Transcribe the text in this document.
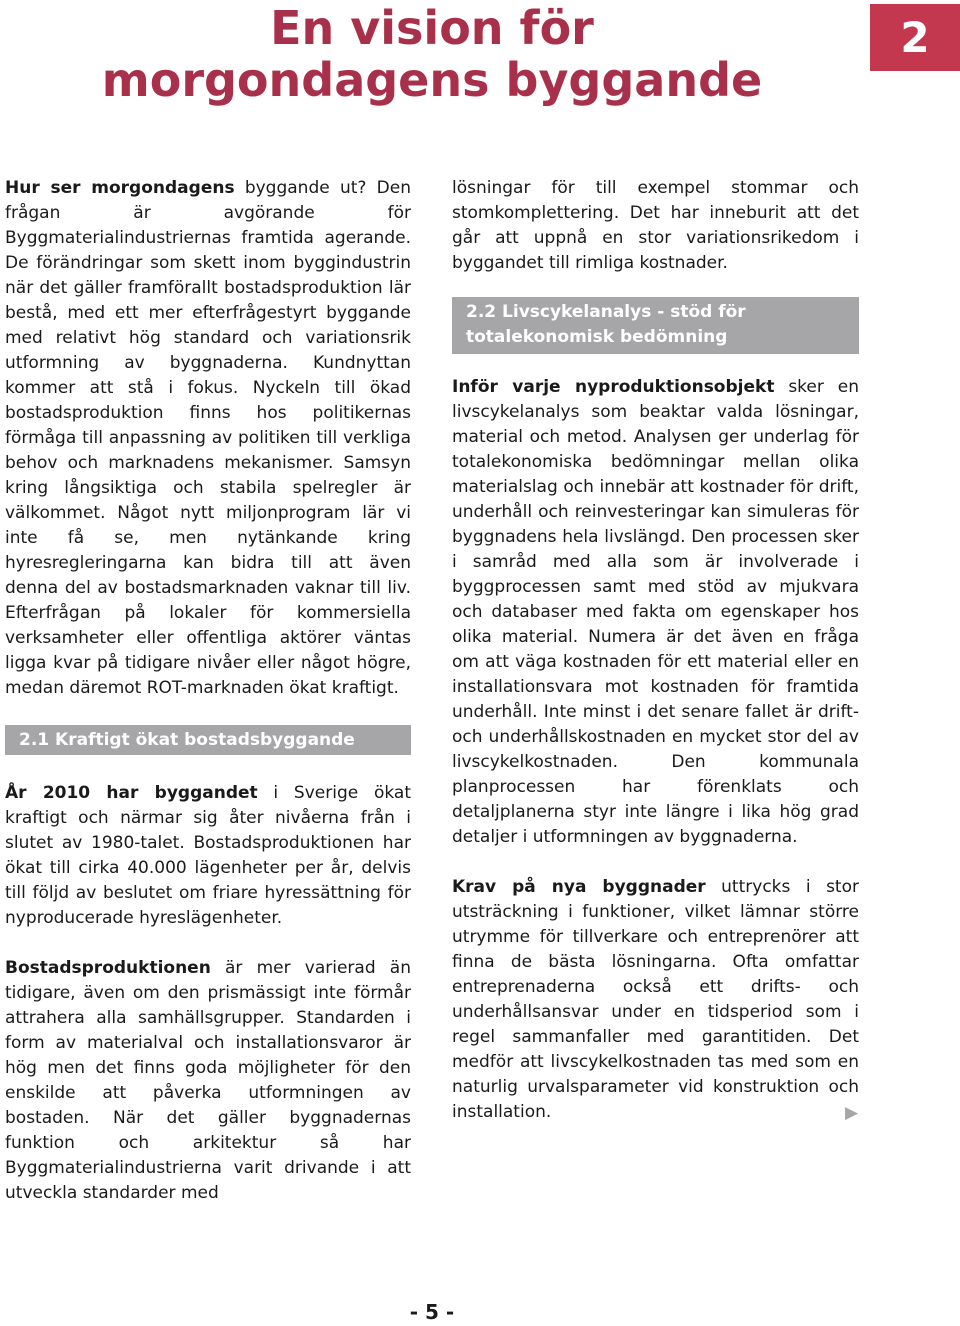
En vision för
morgondagens byggande
2

Hur ser morgondagens byggande ut? Den frågan är avgörande för Byggmaterialindustriernas framtida agerande. De förändringar som skett inom byggindustrin när det gäller framförallt bostadsproduktion lär bestå, med ett mer efterfrågestyrt byggande med relativt hög standard och variationsrik utformning av byggnaderna. Kundnyttan kommer att stå i fokus. Nyckeln till ökad bostadsproduktion finns hos politikernas förmåga till anpassning av politiken till verkliga behov och marknadens mekanismer. Samsyn kring långsiktiga och stabila spelregler är välkommet. Något nytt miljonprogram lär vi inte få se, men nytänkande kring hyresregleringarna kan bidra till att även denna del av bostadsmarknaden vaknar till liv. Efterfrågan på lokaler för kommersiella verksamheter eller offentliga aktörer väntas ligga kvar på tidigare nivåer eller något högre, medan däremot ROT-marknaden ökat kraftigt.

2.1 Kraftigt ökat bostadsbyggande

År 2010 har byggandet i Sverige ökat kraftigt och närmar sig åter nivåerna från i slutet av 1980-talet. Bostadsproduktionen har ökat till cirka 40.000 lägenheter per år, delvis till följd av beslutet om friare hyressättning för nyproducerade hyreslägenheter.

Bostadsproduktionen är mer varierad än tidigare, även om den prismässigt inte förmår attrahera alla samhällsgrupper. Standarden i form av materialval och installationsvaror är hög men det finns goda möjligheter för den enskilde att påverka utformningen av bostaden. När det gäller byggnadernas funktion och arkitektur så har Byggmaterialindustrierna varit drivande i att utveckla standarder med

lösningar för till exempel stommar och stomkomplettering. Det har inneburit att det går att uppnå en stor variationsrikedom i byggandet till rimliga kostnader.

2.2 Livscykelanalys - stöd för
totalekonomisk bedömning

Inför varje nyproduktionsobjekt sker en livscykelanalys som beaktar valda lösningar, material och metod. Analysen ger underlag för totalekonomiska bedömningar mellan olika materialslag och innebär att kostnader för drift, underhåll och reinvesteringar kan simuleras för byggnadens hela livslängd. Den processen sker i samråd med alla som är involverade i byggprocessen samt med stöd av mjukvara och databaser med fakta om egenskaper hos olika material. Numera är det även en fråga om att väga kostnaden för ett material eller en installationsvara mot kostnaden för framtida underhåll. Inte minst i det senare fallet är drift- och underhållskostnaden en mycket stor del av livscykelkostnaden. Den kommunala planprocessen har förenklats och detaljplanerna styr inte längre i lika hög grad detaljer i utformningen av byggnaderna.

Krav på nya byggnader uttrycks i stor utsträckning i funktioner, vilket lämnar större utrymme för tillverkare och entreprenörer att finna de bästa lösningarna. Ofta omfattar entreprenaderna också ett drifts- och underhållsansvar under en tidsperiod som i regel sammanfaller med garantitiden. Det medför att livscykelkostnaden tas med som en naturlig urvalsparameter vid konstruktion och installation.	▶
- 5 -
